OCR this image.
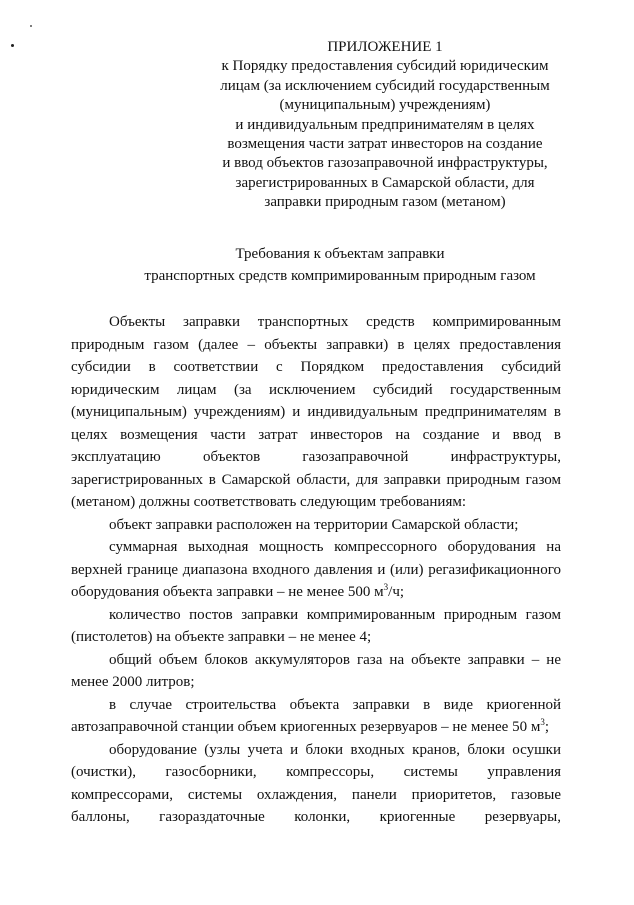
ПРИЛОЖЕНИЕ 1
к Порядку предоставления субсидий юридическим
лицам (за исключением субсидий государственным
(муниципальным) учреждениям)
и индивидуальным предпринимателям в целях
возмещения части затрат инвесторов на создание
и ввод объектов газозаправочной инфраструктуры,
зарегистрированных в Самарской области, для
заправки природным газом (метаном)
Требования к объектам заправки
транспортных средств компримированным природным газом

Объекты заправки транспортных средств компримированным природным газом (далее – объекты заправки) в целях предоставления субсидии в соответствии с Порядком предоставления субсидий юридическим лицам (за исключением субсидий государственным (муниципальным) учреждениям) и индивидуальным предпринимателям в целях возмещения части затрат инвесторов на создание и ввод в эксплуатацию объектов газозаправочной инфраструктуры, зарегистрированных в Самарской области, для заправки природным газом (метаном) должны соответствовать следующим требованиям:

объект заправки расположен на территории Самарской области;

суммарная выходная мощность компрессорного оборудования на верхней границе диапазона входного давления и (или) регазификационного оборудования объекта заправки – не менее 500 $м^3/ч$;

количество постов заправки компримированным природным газом (пистолетов) на объекте заправки – не менее 4;

общий объем блоков аккумуляторов газа на объекте заправки – не менее 2000 литров;

в случае строительства объекта заправки в виде криогенной автозаправочной станции объем криогенных резервуаров – не менее 50 $м^3$;

оборудование (узлы учета и блоки входных кранов, блоки осушки (очистки), газосборники, компрессоры, системы управления компрессорами, системы охлаждения, панели приоритетов, газовые баллоны, газораздаточные колонки, криогенные резервуары,
